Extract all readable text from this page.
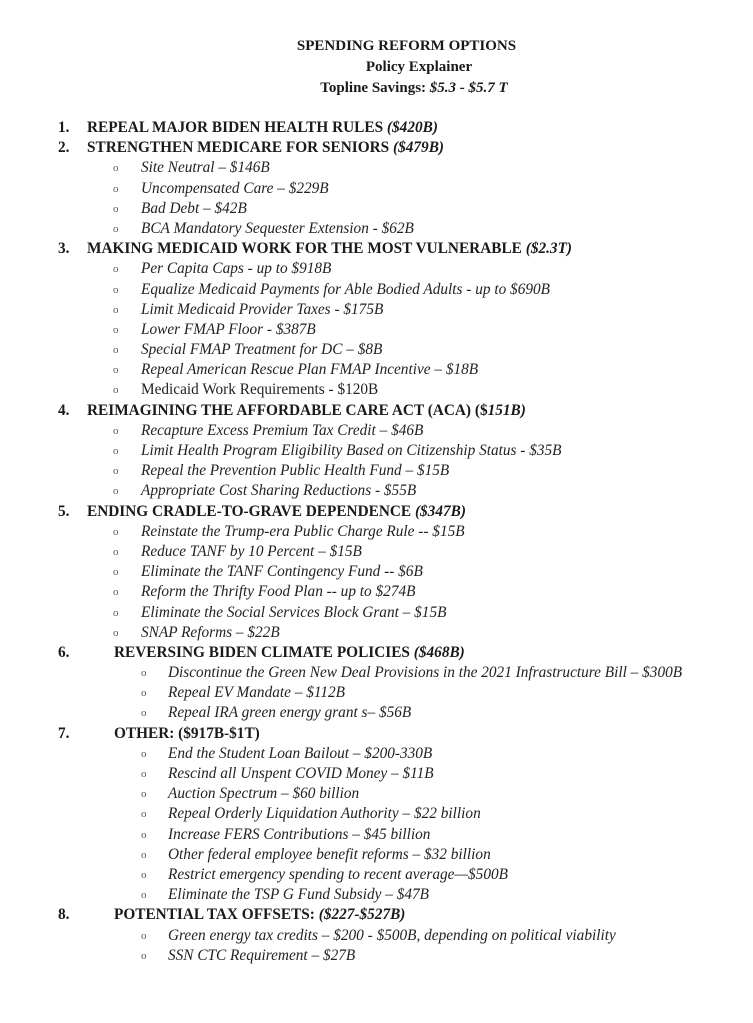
SPENDING REFORM OPTIONS
Policy Explainer
Topline Savings: $5.3 - $5.7 T
1. REPEAL MAJOR BIDEN HEALTH RULES ($420B)
2. STRENGTHEN MEDICARE FOR SENIORS ($479B)
o Site Neutral – $146B
o Uncompensated Care – $229B
o Bad Debt – $42B
o BCA Mandatory Sequester Extension - $62B
3. MAKING MEDICAID WORK FOR THE MOST VULNERABLE ($2.3T)
o Per Capita Caps - up to $918B
o Equalize Medicaid Payments for Able Bodied Adults - up to $690B
o Limit Medicaid Provider Taxes - $175B
o Lower FMAP Floor - $387B
o Special FMAP Treatment for DC – $8B
o Repeal American Rescue Plan FMAP Incentive – $18B
o Medicaid Work Requirements - $120B
4. REIMAGINING THE AFFORDABLE CARE ACT (ACA) ($151B)
o Recapture Excess Premium Tax Credit – $46B
o Limit Health Program Eligibility Based on Citizenship Status - $35B
o Repeal the Prevention Public Health Fund – $15B
o Appropriate Cost Sharing Reductions - $55B
5. ENDING CRADLE-TO-GRAVE DEPENDENCE ($347B)
o Reinstate the Trump-era Public Charge Rule -- $15B
o Reduce TANF by 10 Percent – $15B
o Eliminate the TANF Contingency Fund -- $6B
o Reform the Thrifty Food Plan -- up to $274B
o Eliminate the Social Services Block Grant – $15B
o SNAP Reforms – $22B
6.	REVERSING BIDEN CLIMATE POLICIES ($468B)
o Discontinue the Green New Deal Provisions in the 2021 Infrastructure Bill – $300B
o Repeal EV Mandate – $112B
o Repeal IRA green energy grant s– $56B
7.	OTHER: ($917B-$1T)
o End the Student Loan Bailout – $200-330B
o Rescind all Unspent COVID Money – $11B
o Auction Spectrum – $60 billion
o Repeal Orderly Liquidation Authority – $22 billion
o Increase FERS Contributions – $45 billion
o Other federal employee benefit reforms – $32 billion
o Restrict emergency spending to recent average—$500B
o Eliminate the TSP G Fund Subsidy – $47B
8.	POTENTIAL TAX OFFSETS: ($227-$527B)
o Green energy tax credits – $200 - $500B, depending on political viability
o SSN CTC Requirement – $27B
